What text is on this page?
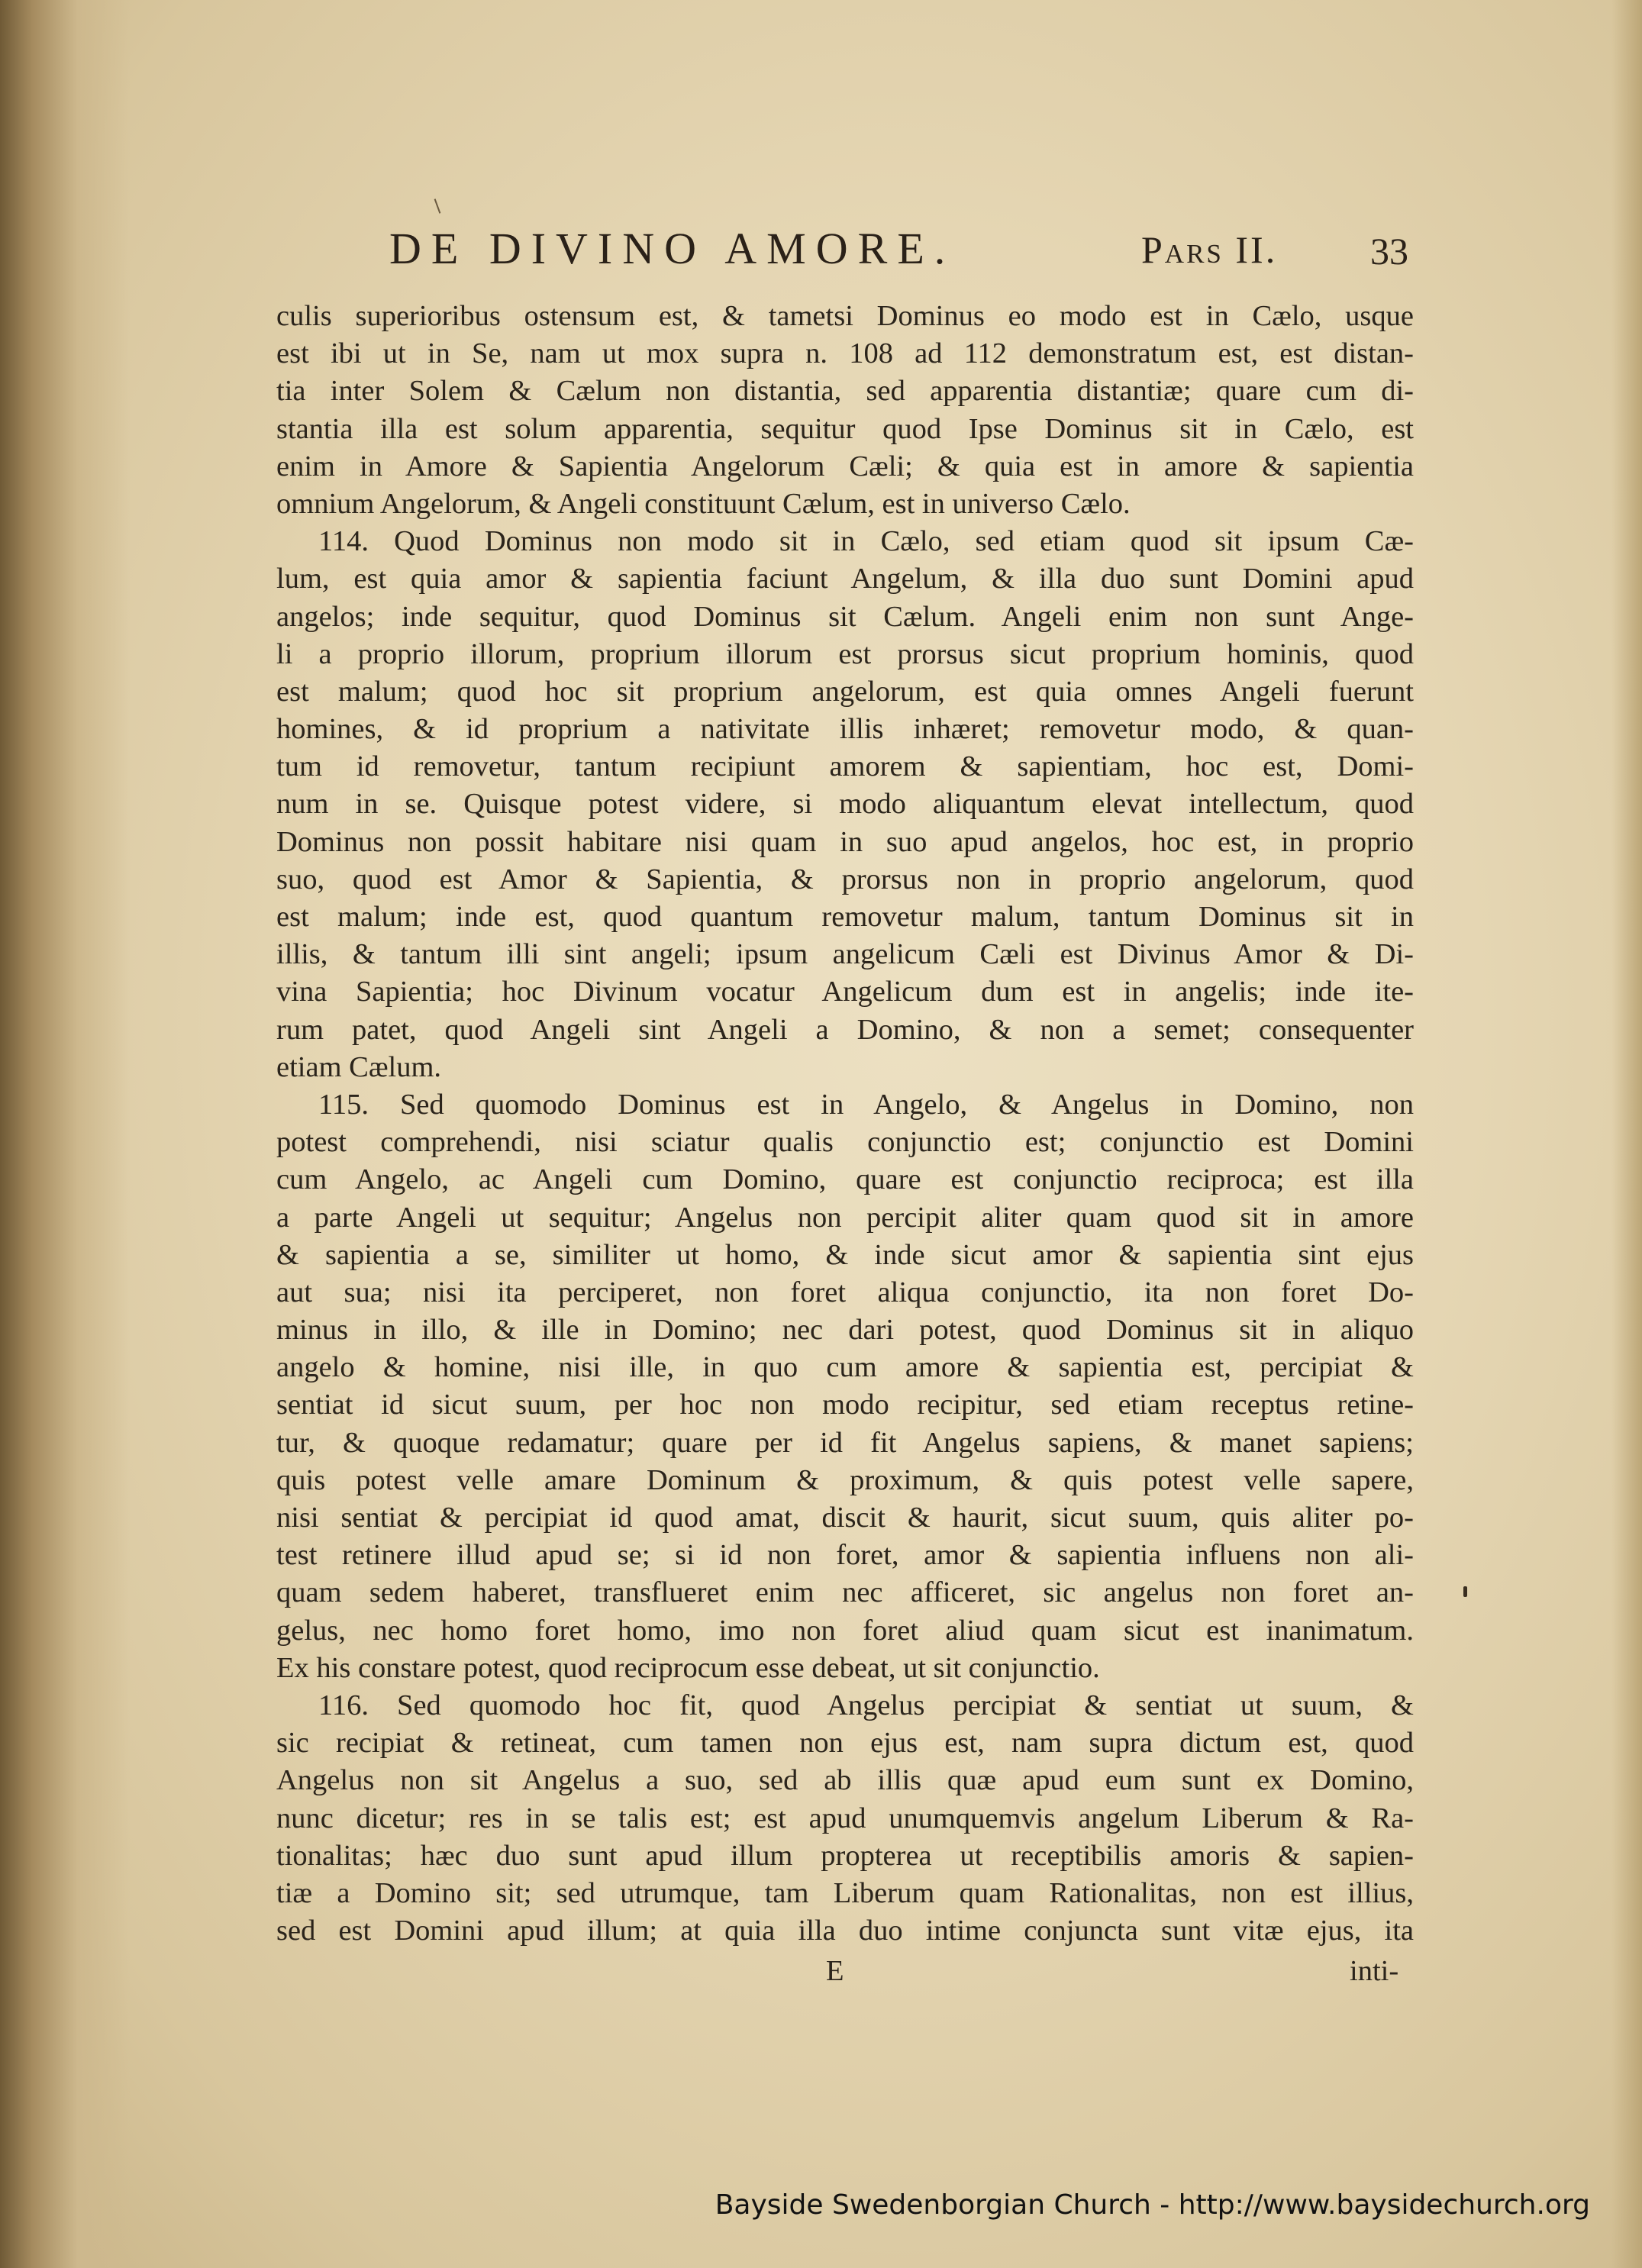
DE DIVINO AMORE.	Pars II. 33
culis superioribus ostensum est, & tametsi Dominus eo modo est in Cælo, usque
est ibi ut in Se, nam ut mox supra n. 108 ad 112 demonstratum est, est distan-
tia inter Solem & Cælum non distantia, sed apparentia distantiæ; quare cum di-
stantia illa est solum apparentia, sequitur quod Ipse Dominus sit in Cælo, est
enim in Amore & Sapientia Angelorum Cæli; & quia est in amore & sapientia
omnium Angelorum, & Angeli constituunt Cælum, est in universo Cælo.
114. Quod Dominus non modo sit in Cælo, sed etiam quod sit ipsum Cæ-
lum, est quia amor & sapientia faciunt Angelum, & illa duo sunt Domini apud
angelos; inde sequitur, quod Dominus sit Cælum. Angeli enim non sunt Ange-
li a proprio illorum, proprium illorum est prorsus sicut proprium hominis, quod
est malum; quod hoc sit proprium angelorum, est quia omnes Angeli fuerunt
homines, & id proprium a nativitate illis inhæret; removetur modo, & quan-
tum id removetur, tantum recipiunt amorem & sapientiam, hoc est, Domi-
num in se. Quisque potest videre, si modo aliquantum elevat intellectum, quod
Dominus non possit habitare nisi quam in suo apud angelos, hoc est, in proprio
suo, quod est Amor & Sapientia, & prorsus non in proprio angelorum, quod
est malum; inde est, quod quantum removetur malum, tantum Dominus sit in
illis, & tantum illi sint angeli; ipsum angelicum Cæli est Divinus Amor & Di-
vina Sapientia; hoc Divinum vocatur Angelicum dum est in angelis; inde ite-
rum patet, quod Angeli sint Angeli a Domino, & non a semet; consequenter
etiam Cælum.
115. Sed quomodo Dominus est in Angelo, & Angelus in Domino, non
potest comprehendi, nisi sciatur qualis conjunctio est; conjunctio est Domini
cum Angelo, ac Angeli cum Domino, quare est conjunctio reciproca; est illa
a parte Angeli ut sequitur; Angelus non percipit aliter quam quod sit in amore
& sapientia a se, similiter ut homo, & inde sicut amor & sapientia sint ejus
aut sua; nisi ita perciperet, non foret aliqua conjunctio, ita non foret Do-
minus in illo, & ille in Domino; nec dari potest, quod Dominus sit in aliquo
angelo & homine, nisi ille, in quo cum amore & sapientia est, percipiat &
sentiat id sicut suum, per hoc non modo recipitur, sed etiam receptus retine-
tur, & quoque redamatur; quare per id fit Angelus sapiens, & manet sapiens;
quis potest velle amare Dominum & proximum, & quis potest velle sapere,
nisi sentiat & percipiat id quod amat, discit & haurit, sicut suum, quis aliter po-
test retinere illud apud se; si id non foret, amor & sapientia influens non ali-
quam sedem haberet, transflueret enim nec afficeret, sic angelus non foret an-
gelus, nec homo foret homo, imo non foret aliud quam sicut est inanimatum.
Ex his constare potest, quod reciprocum esse debeat, ut sit conjunctio.
116. Sed quomodo hoc fit, quod Angelus percipiat & sentiat ut suum, &
sic recipiat & retineat, cum tamen non ejus est, nam supra dictum est, quod
Angelus non sit Angelus a suo, sed ab illis quæ apud eum sunt ex Domino,
nunc dicetur; res in se talis est; est apud unumquemvis angelum Liberum & Ra-
tionalitas; hæc duo sunt apud illum propterea ut receptibilis amoris & sapien-
tiæ a Domino sit; sed utrumque, tam Liberum quam Rationalitas, non est illius,
sed est Domini apud illum; at quia illa duo intime conjuncta sunt vitæ ejus, ita
E	inti-
Bayside Swedenborgian Church - http://www.baysidechurch.org
